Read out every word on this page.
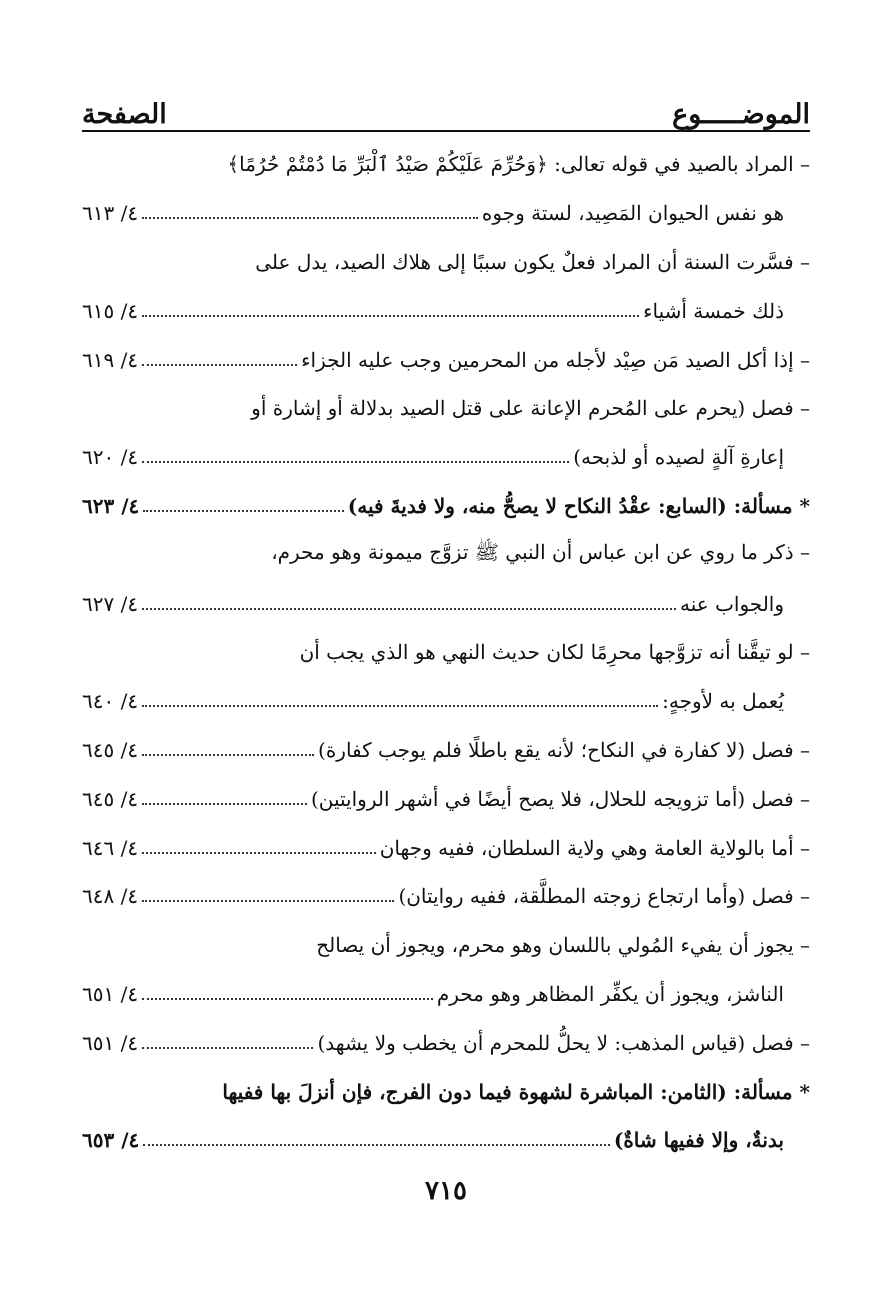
الموضـــــوع
الصفحة
– المراد بالصيد في قوله تعالى: ﴿وَحُرِّمَ عَلَيْكُمْ صَيْدُ ٱلْبَرِّ مَا دُمْتُمْ حُرُمًا﴾
هو نفس الحيوان المَصِيد، لستة وجوه
٤/ ٦١٣
– فسَّرت السنة أن المراد فعلٌ يكون سببًا إلى هلاك الصيد، يدل على
ذلك خمسة أشياء
٤/ ٦١٥
– إذا أكل الصيد مَن صِيْد لأجله من المحرمين وجب عليه الجزاء
٤/ ٦١٩
– فصل (يحرم على المُحرم الإعانة على قتل الصيد بدلالة أو إشارة أو
إعارةِ آلةٍ لصيده أو لذبحه)
٤/ ٦٢٠
* مسألة: (السابع: عقْدُ النكاح لا يصحُّ منه، ولا فديةَ فيه)
٤/ ٦٢٣
– ذكر ما روي عن ابن عباس أن النبي ﷺ تزوَّج ميمونة وهو محرم،
والجواب عنه
٤/ ٦٢٧
– لو تيقَّنا أنه تزوَّجها محرِمًا لكان حديث النهي هو الذي يجب أن
يُعمل به لأوجهٍ:
٤/ ٦٤٠
– فصل (لا كفارة في النكاح؛ لأنه يقع باطلًا فلم يوجب كفارة)
٤/ ٦٤٥
– فصل (أما تزويجه للحلال، فلا يصح أيضًا في أشهر الروايتين)
٤/ ٦٤٥
– أما بالولاية العامة وهي ولاية السلطان، ففيه وجهان
٤/ ٦٤٦
– فصل (وأما ارتجاع زوجته المطلَّقة، ففيه روايتان)
٤/ ٦٤٨
– يجوز أن يفيء المُولي باللسان وهو محرم، ويجوز أن يصالح
الناشز، ويجوز أن يكفِّر المظاهر وهو محرم
٤/ ٦٥١
– فصل (قياس المذهب: لا يحلُّ للمحرم أن يخطب ولا يشهد)
٤/ ٦٥١
* مسألة: (الثامن: المباشرة لشهوة فيما دون الفرج، فإن أنزلَ بها ففيها
بدنةٌ، وإلا ففيها شاةٌ)
٤/ ٦٥٣
٧١٥
